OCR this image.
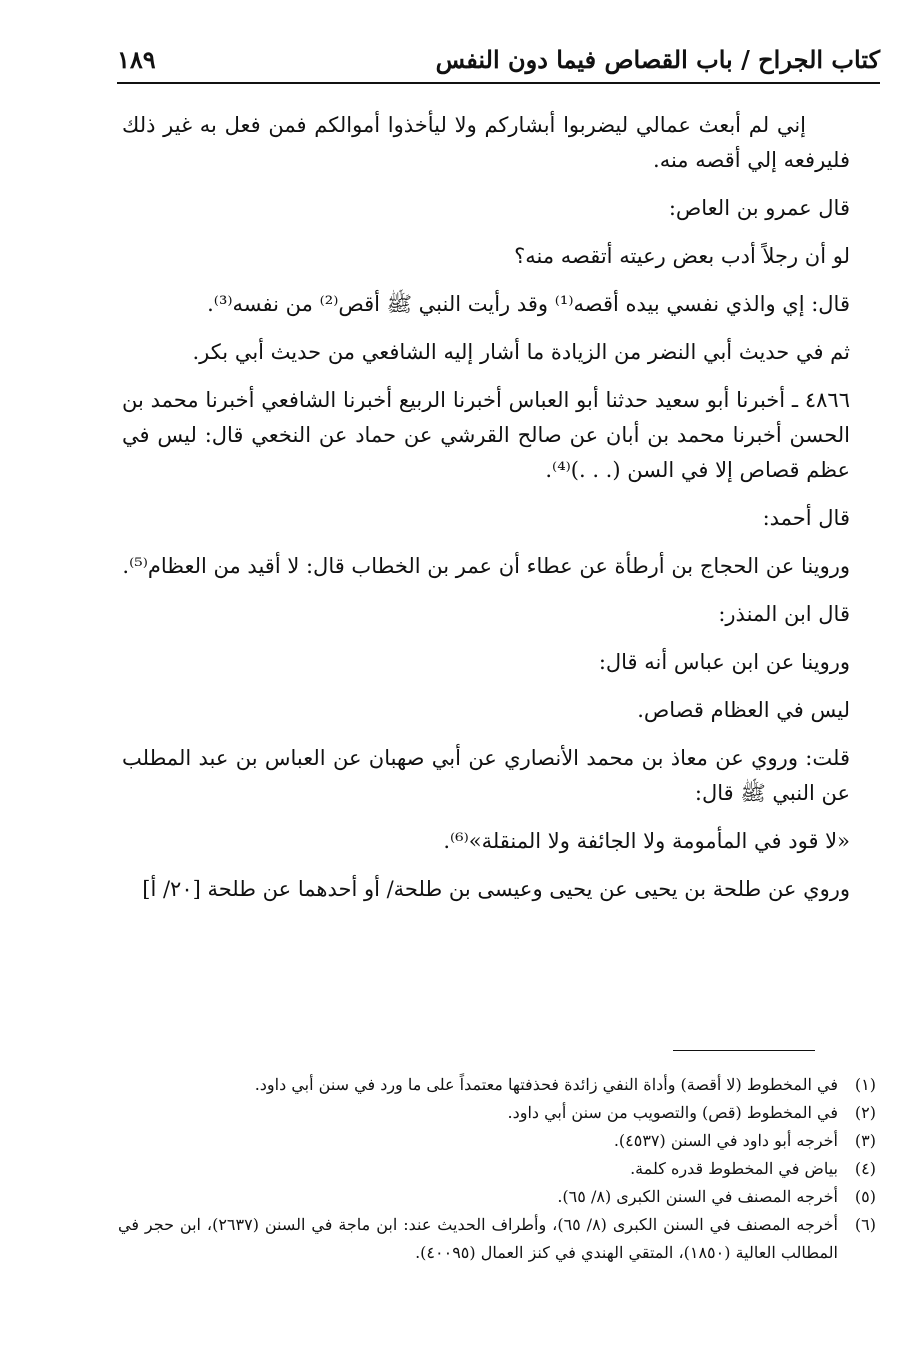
كتاب الجراح / باب القصاص فيما دون النفس
١٨٩

إني لم أبعث عمالي ليضربوا أبشاركم ولا ليأخذوا أموالكم فمن فعل به غير ذلك فليرفعه إلي أقصه منه.

قال عمرو بن العاص:

لو أن رجلاً أدب بعض رعيته أتقصه منه؟

قال: إي والذي نفسي بيده أقصه⁽¹⁾ وقد رأيت النبي ﷺ أقص⁽²⁾ من نفسه⁽³⁾.

ثم في حديث أبي النضر من الزيادة ما أشار إليه الشافعي من حديث أبي بكر.

٤٨٦٦ ـ أخبرنا أبو سعيد حدثنا أبو العباس أخبرنا الربيع أخبرنا الشافعي أخبرنا محمد بن الحسن أخبرنا محمد بن أبان عن صالح القرشي عن حماد عن النخعي قال: ليس في عظم قصاص إلا في السن (. . .)⁽⁴⁾.

قال أحمد:

وروينا عن الحجاج بن أرطأة عن عطاء أن عمر بن الخطاب قال: لا أقيد من العظام⁽⁵⁾.

قال ابن المنذر:

وروينا عن ابن عباس أنه قال:

ليس في العظام قصاص.

قلت: وروي عن معاذ بن محمد الأنصاري عن أبي صهبان عن العباس بن عبد المطلب عن النبي ﷺ قال:

«لا قود في المأمومة ولا الجائفة ولا المنقلة»⁽⁶⁾.

وروي عن طلحة بن يحيى عن يحيى وعيسى بن طلحة/ أو أحدهما عن طلحة [٢٠/ أ]

(١)
في المخطوط (لا أقصة) وأداة النفي زائدة فحذفتها معتمداً على ما ورد في سنن أبي داود.
(٢)
في المخطوط (قص) والتصويب من سنن أبي داود.
(٣)
أخرجه أبو داود في السنن (٤٥٣٧).
(٤)
بياض في المخطوط قدره كلمة.
(٥)
أخرجه المصنف في السنن الكبرى (٨/ ٦٥).
(٦)
أخرجه المصنف في السنن الكبرى (٨/ ٦٥)، وأطراف الحديث عند: ابن ماجة في السنن (٢٦٣٧)، ابن حجر في المطالب العالية (١٨٥٠)، المتقي الهندي في كنز العمال (٤٠٠٩٥).
